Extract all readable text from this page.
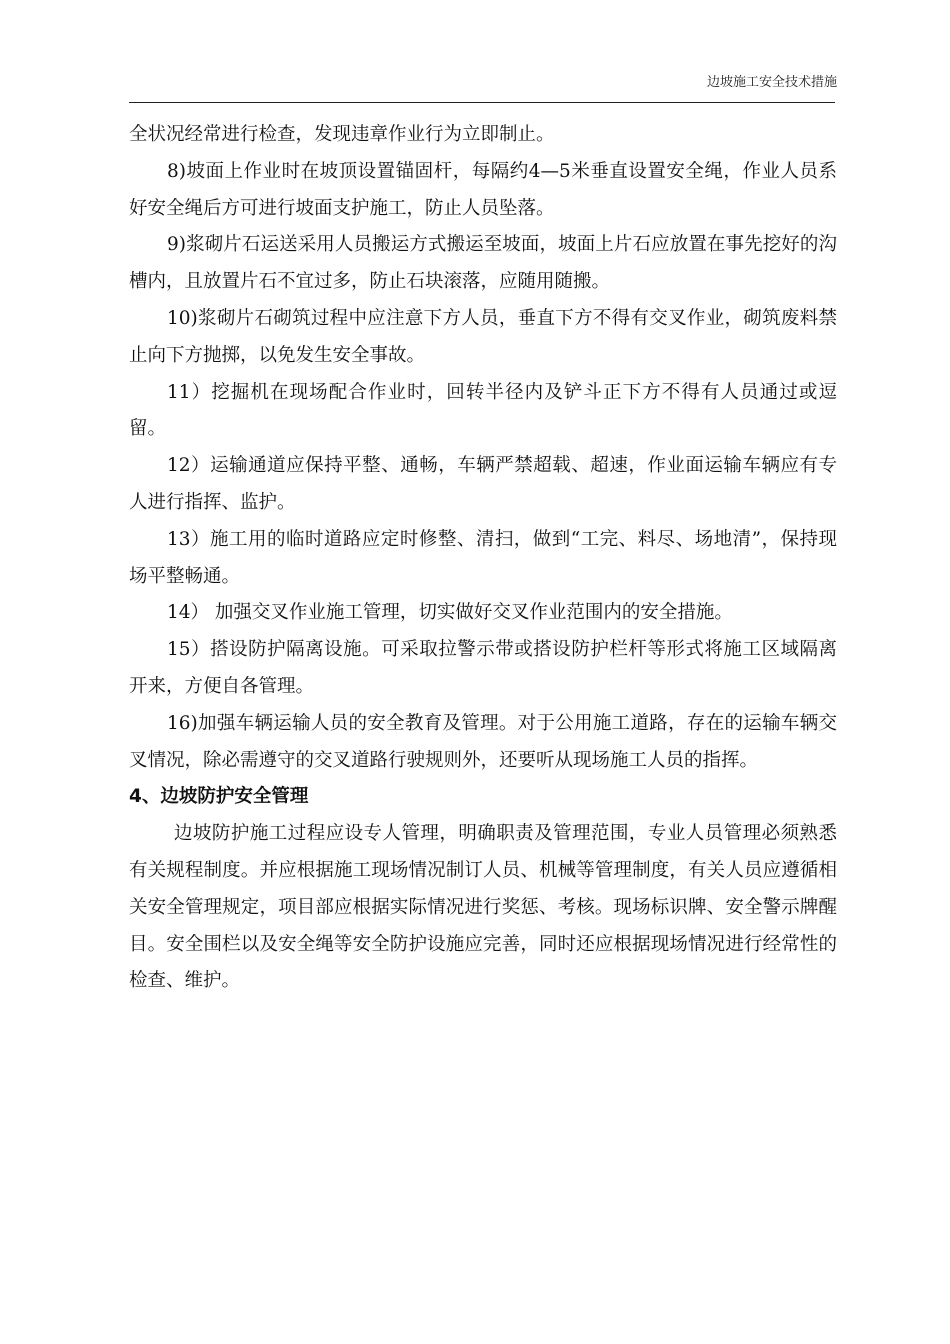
边坡施工安全技术措施

全状况经常进行检查，发现违章作业行为立即制止。

8)坡面上作业时在坡顶设置锚固杆，每隔约4—5米垂直设置安全绳，作业人员系好安全绳后方可进行坡面支护施工，防止人员坠落。

9)浆砌片石运送采用人员搬运方式搬运至坡面，坡面上片石应放置在事先挖好的沟槽内，且放置片石不宜过多，防止石块滚落，应随用随搬。

10)浆砌片石砌筑过程中应注意下方人员，垂直下方不得有交叉作业，砌筑废料禁止向下方抛掷，以免发生安全事故。

11）挖掘机在现场配合作业时，回转半径内及铲斗正下方不得有人员通过或逗留。

12）运输通道应保持平整、通畅，车辆严禁超载、超速，作业面运输车辆应有专人进行指挥、监护。

13）施工用的临时道路应定时修整、清扫，做到“工完、料尽、场地清”，保持现场平整畅通。

14） 加强交叉作业施工管理，切实做好交叉作业范围内的安全措施。

15）搭设防护隔离设施。可采取拉警示带或搭设防护栏杆等形式将施工区域隔离开来，方便自各管理。

16)加强车辆运输人员的安全教育及管理。对于公用施工道路，存在的运输车辆交叉情况，除必需遵守的交叉道路行驶规则外，还要听从现场施工人员的指挥。

4、边坡防护安全管理

边坡防护施工过程应设专人管理，明确职责及管理范围，专业人员管理必须熟悉有关规程制度。并应根据施工现场情况制订人员、机械等管理制度，有关人员应遵循相关安全管理规定，项目部应根据实际情况进行奖惩、考核。现场标识牌、安全警示牌醒目。安全围栏以及安全绳等安全防护设施应完善，同时还应根据现场情况进行经常性的检查、维护。
